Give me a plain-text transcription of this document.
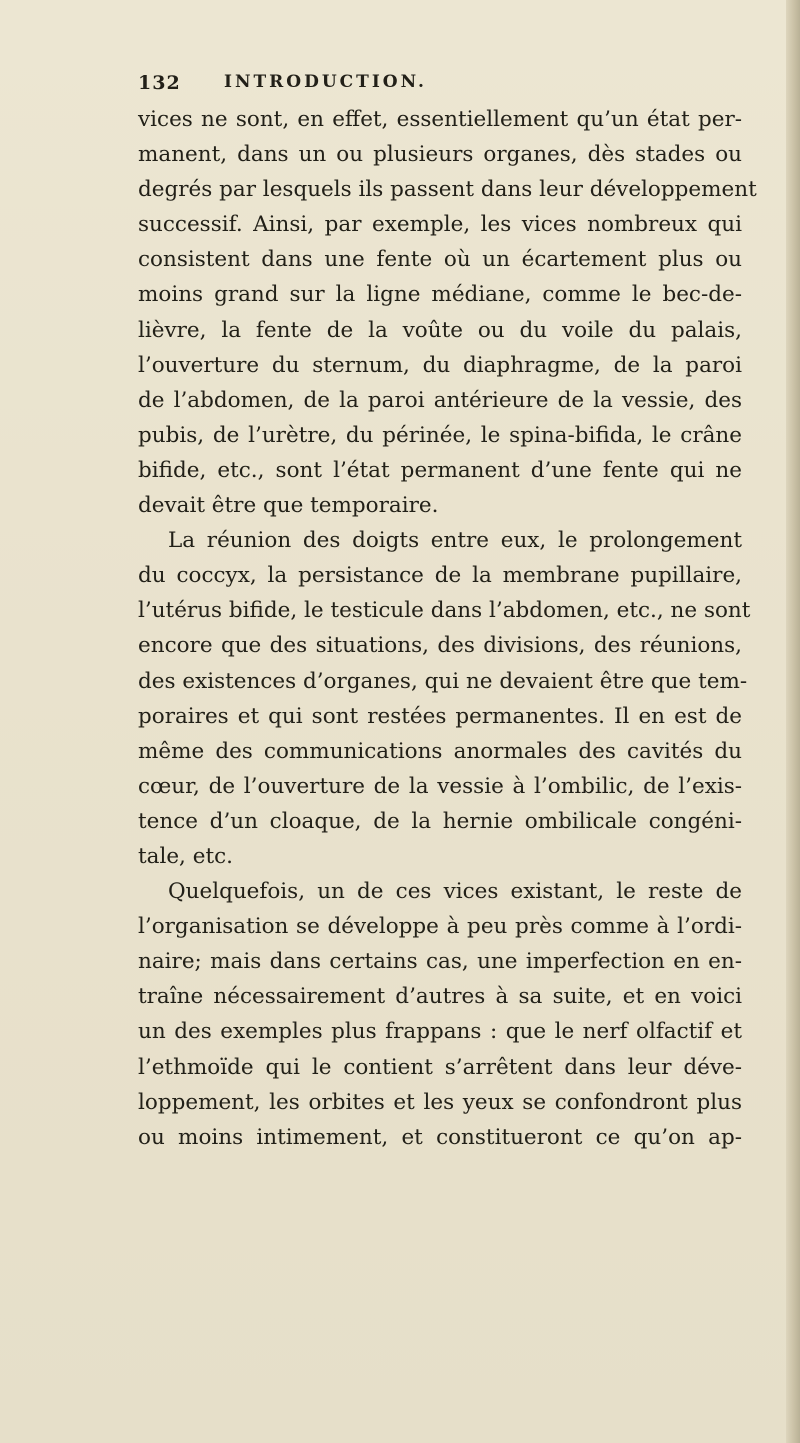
132	INTRODUCTION.
vices ne sont, en effet, essentiellement qu’un état per-
manent, dans un ou plusieurs organes, dès stades ou
degrés par lesquels ils passent dans leur développement
successif. Ainsi, par exemple, les vices nombreux qui
consistent dans une fente où un écartement plus ou
moins grand sur la ligne médiane, comme le bec-de-
lièvre, la fente de la voûte ou du voile du palais,
l’ouverture du sternum, du diaphragme, de la paroi
de l’abdomen, de la paroi antérieure de la vessie, des
pubis, de l’urètre, du périnée, le spina-bifida, le crâne
bifide, etc., sont l’état permanent d’une fente qui ne
devait être que temporaire.
La réunion des doigts entre eux, le prolongement
du coccyx, la persistance de la membrane pupillaire,
l’utérus bifide, le testicule dans l’abdomen, etc., ne sont
encore que des situations, des divisions, des réunions,
des existences d’organes, qui ne devaient être que tem-
poraires et qui sont restées permanentes. Il en est de
même des communications anormales des cavités du
cœur, de l’ouverture de la vessie à l’ombilic, de l’exis-
tence d’un cloaque, de la hernie ombilicale congéni-
tale, etc.
Quelquefois, un de ces vices existant, le reste de
l’organisation se développe à peu près comme à l’ordi-
naire; mais dans certains cas, une imperfection en en-
traîne nécessairement d’autres à sa suite, et en voici
un des exemples plus frappans : que le nerf olfactif et
l’ethmoïde qui le contient s’arrêtent dans leur déve-
loppement, les orbites et les yeux se confondront plus
ou moins intimement, et constitueront ce qu’on ap-
